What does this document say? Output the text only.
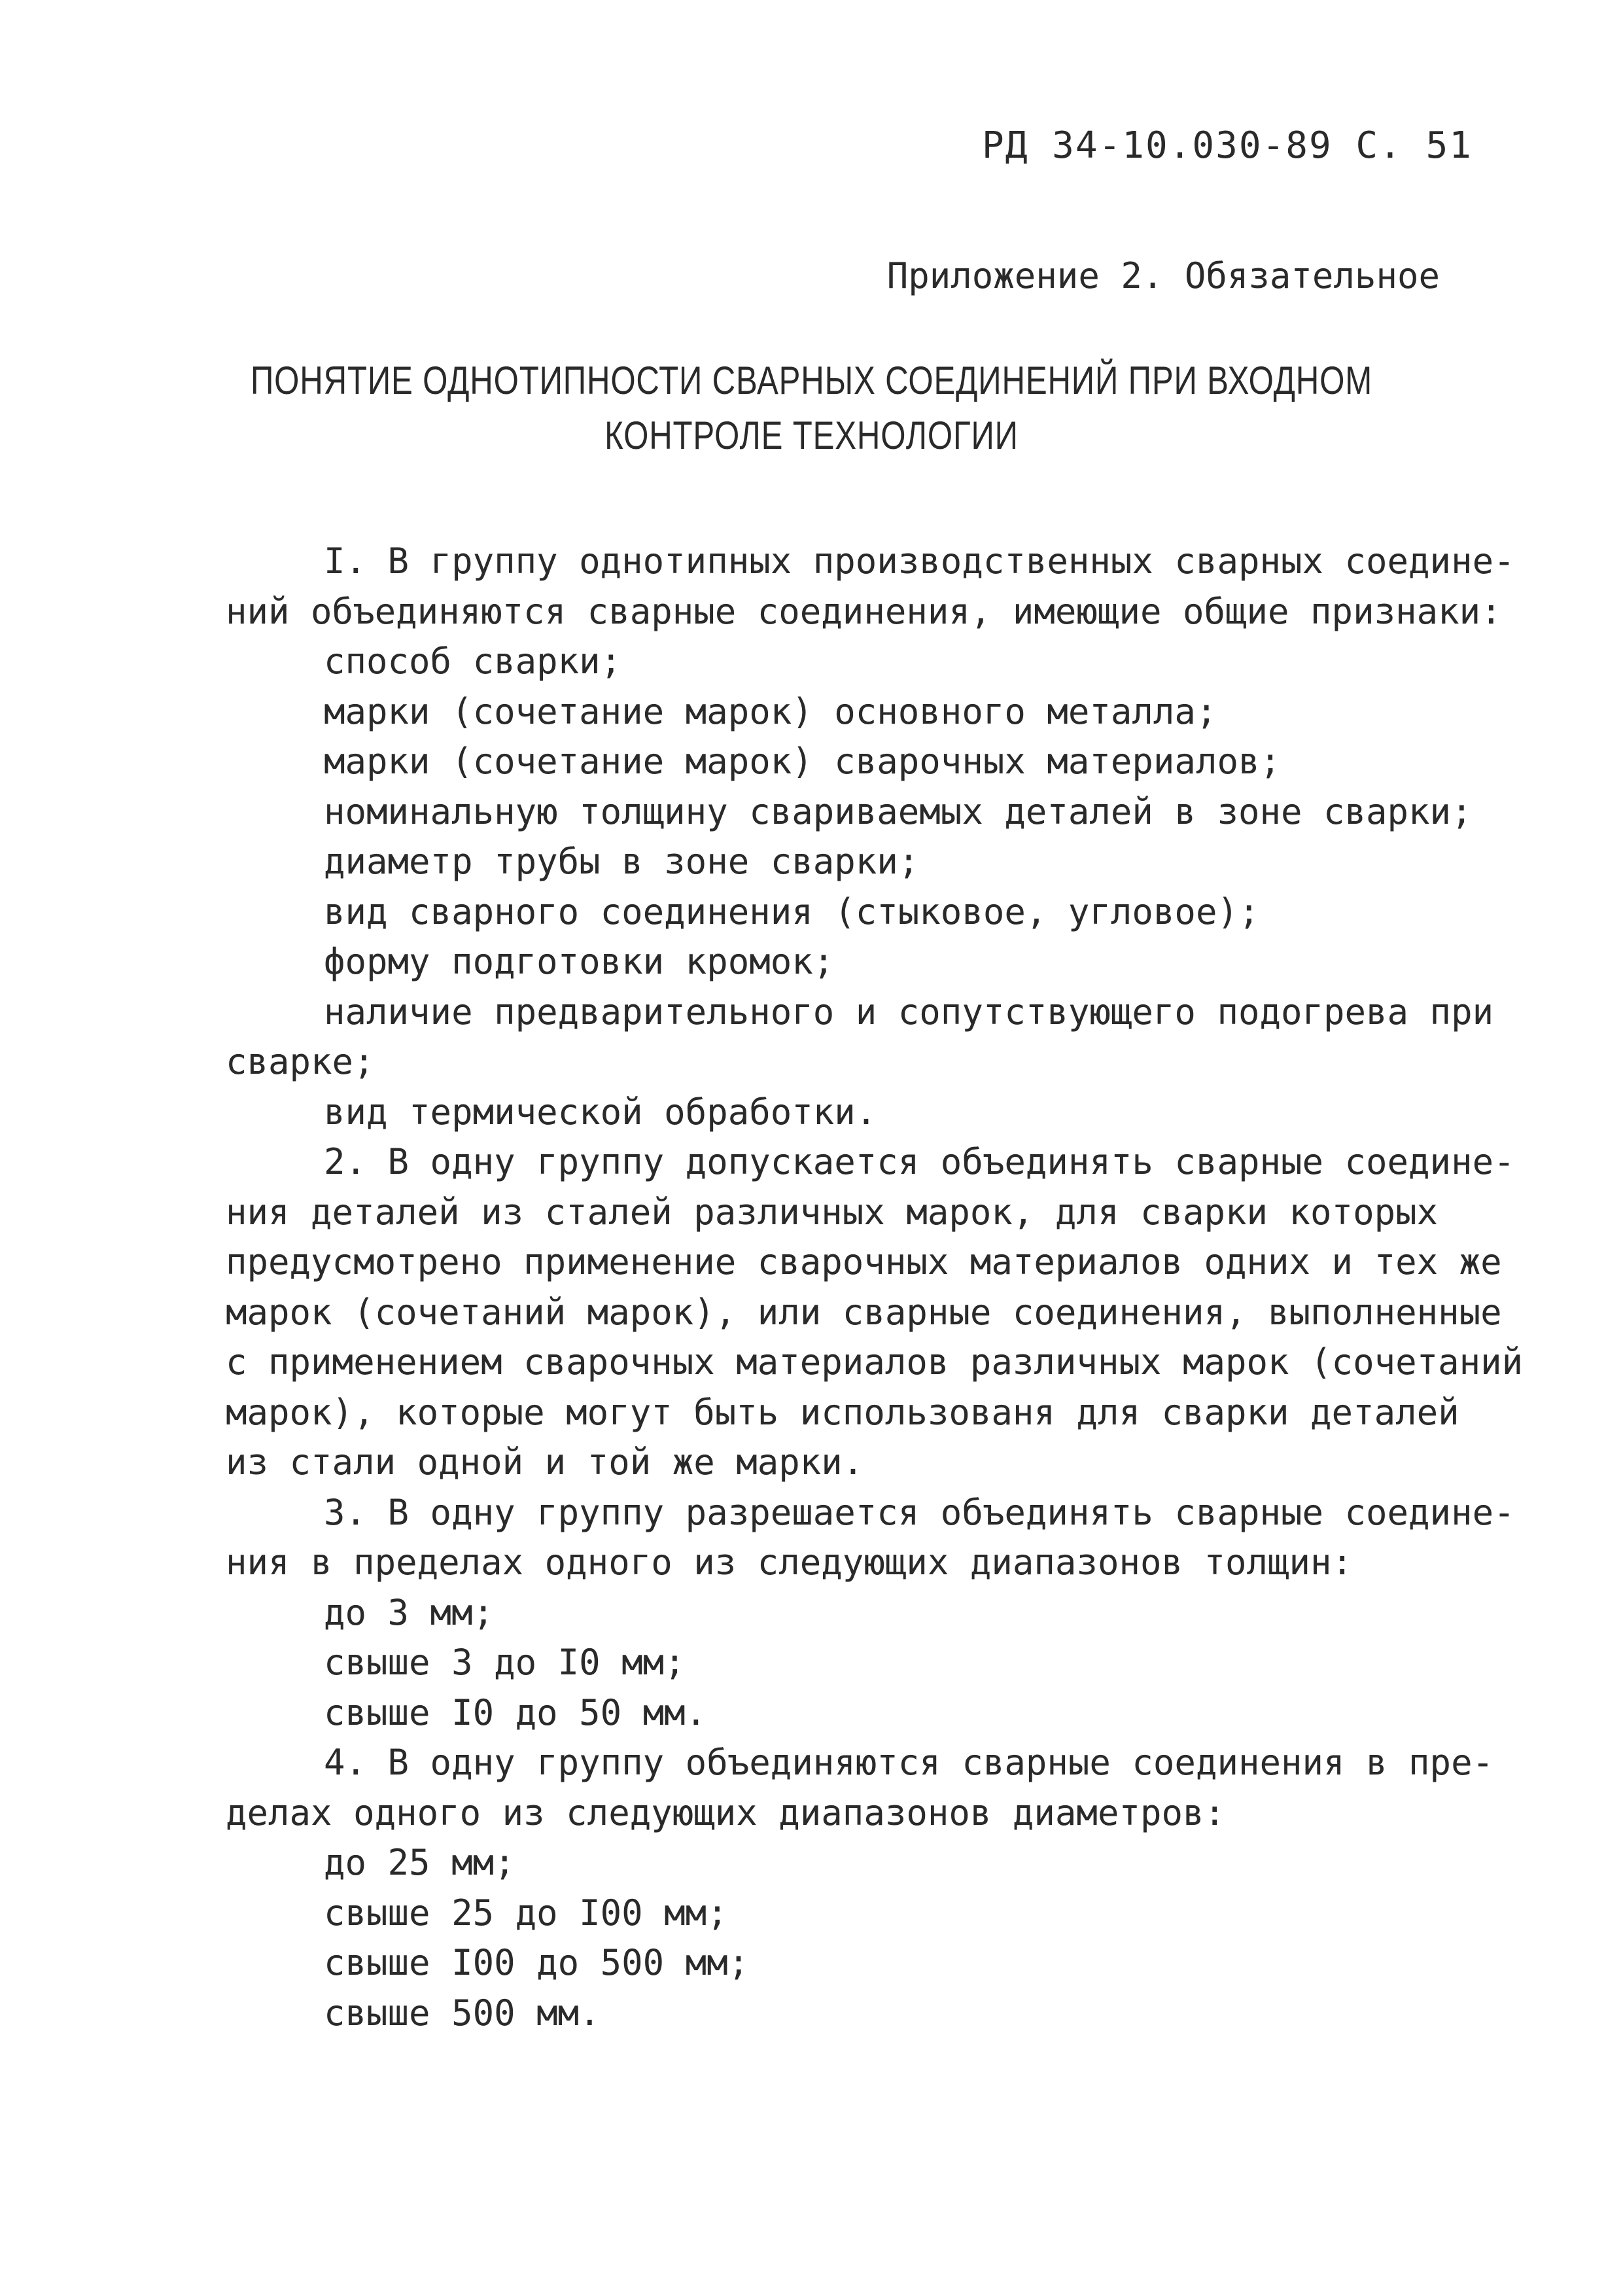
РД 34-10.030-89 С. 51
Приложение 2. Обязательное
ПОНЯТИЕ ОДНОТИПНОСТИ СВАРНЫХ СОЕДИНЕНИЙ ПРИ ВХОДНОМ
КОНТРОЛЕ ТЕХНОЛОГИИ
I. В группу однотипных производственных сварных соедине-
ний объединяются сварные соединения, имеющие общие признаки:
способ сварки;
марки (сочетание марок) основного металла;
марки (сочетание марок) сварочных материалов;
номинальную толщину свариваемых деталей в зоне сварки;
диаметр трубы в зоне сварки;
вид сварного соединения (стыковое, угловое);
форму подготовки кромок;
наличие предварительного и сопутствующего подогрева при
сварке;
вид термической обработки.
2. В одну группу допускается объединять сварные соедине-
ния деталей из сталей различных марок, для сварки которых
предусмотрено применение сварочных материалов одних и тех же
марок (сочетаний марок), или сварные соединения, выполненные
с применением сварочных материалов различных марок (сочетаний
марок), которые могут быть использованя для сварки деталей
из стали одной и той же марки.
3. В одну группу разрешается объединять сварные соедине-
ния в пределах одного из следующих диапазонов толщин:
до 3 мм;
свыше 3 до I0 мм;
свыше I0 до 50 мм.
4. В одну группу объединяются сварные соединения в пре-
делах одного из следующих диапазонов диаметров:
до 25 мм;
свыше 25 до I00 мм;
свыше I00 до 500 мм;
свыше 500 мм.
